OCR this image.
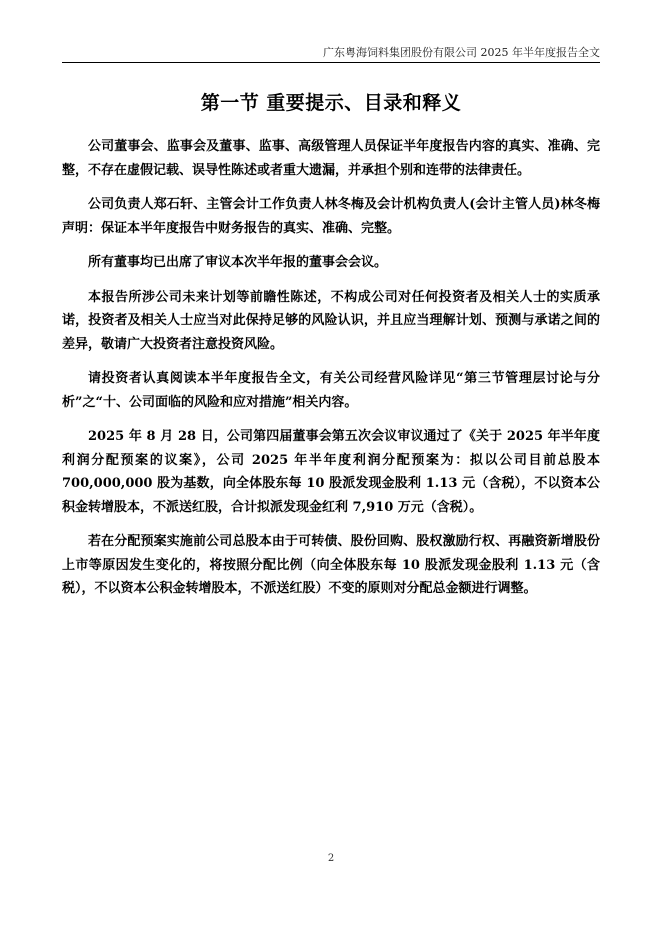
广东粤海饲料集团股份有限公司 2025 年半年度报告全文
第一节 重要提示、目录和释义

公司董事会、监事会及董事、监事、高级管理人员保证半年度报告内容的真实、准确、完整，不存在虚假记载、误导性陈述或者重大遗漏，并承担个别和连带的法律责任。

公司负责人郑石轩、主管会计工作负责人林冬梅及会计机构负责人(会计主管人员)林冬梅声明：保证本半年度报告中财务报告的真实、准确、完整。

所有董事均已出席了审议本次半年报的董事会会议。

本报告所涉公司未来计划等前瞻性陈述，不构成公司对任何投资者及相关人士的实质承诺，投资者及相关人士应当对此保持足够的风险认识，并且应当理解计划、预测与承诺之间的差异，敬请广大投资者注意投资风险。

请投资者认真阅读本半年度报告全文，有关公司经营风险详见“第三节管理层讨论与分析”之“十、公司面临的风险和应对措施”相关内容。

2025 年 8 月 28 日，公司第四届董事会第五次会议审议通过了《关于 2025 年半年度利润分配预案的议案》，公司 2025 年半年度利润分配预案为：拟以公司目前总股本 700,000,000 股为基数，向全体股东每 10 股派发现金股利 1.13 元（含税），不以资本公积金转增股本，不派送红股，合计拟派发现金红利 7,910 万元（含税）。

若在分配预案实施前公司总股本由于可转债、股份回购、股权激励行权、再融资新增股份上市等原因发生变化的，将按照分配比例（向全体股东每 10 股派发现金股利 1.13 元（含税），不以资本公积金转增股本，不派送红股）不变的原则对分配总金额进行调整。

2
